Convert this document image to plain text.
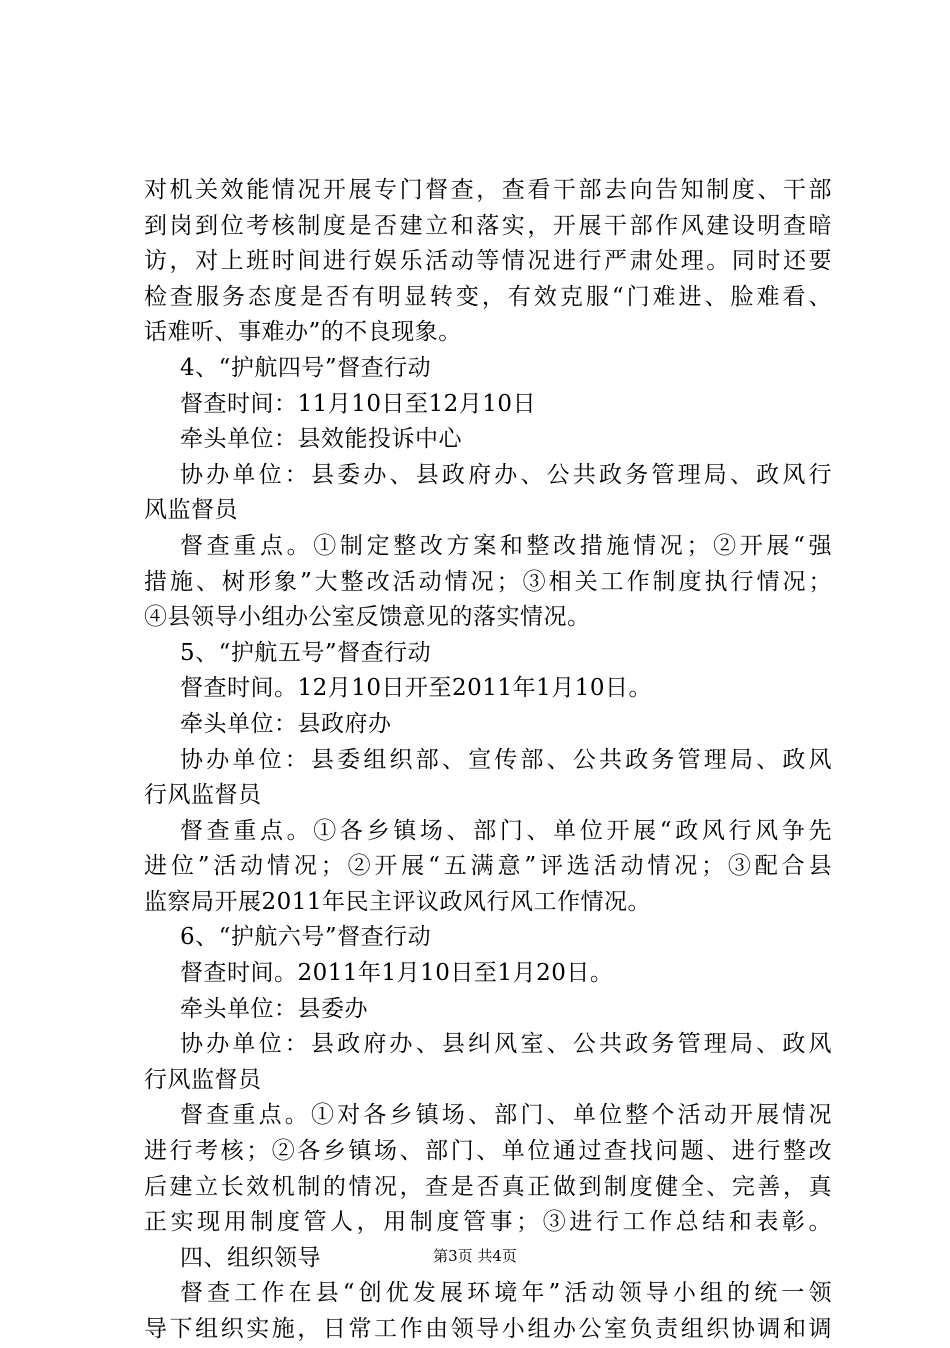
对机关效能情况开展专门督查，查看干部去向告知制度、干部
到岗到位考核制度是否建立和落实，开展干部作风建设明查暗
访，对上班时间进行娱乐活动等情况进行严肃处理。同时还要
检查服务态度是否有明显转变，有效克服“门难进、脸难看、
话难听、事难办”的不良现象。
4、“护航四号”督查行动
督查时间：11月10日至12月10日
牵头单位：县效能投诉中心
协办单位：县委办、县政府办、公共政务管理局、政风行
风监督员
督查重点。①制定整改方案和整改措施情况；②开展“强
措施、树形象”大整改活动情况；③相关工作制度执行情况；
④县领导小组办公室反馈意见的落实情况。
5、“护航五号”督查行动
督查时间。12月10日开至2011年1月10日。
牵头单位：县政府办
协办单位：县委组织部、宣传部、公共政务管理局、政风
行风监督员
督查重点。①各乡镇场、部门、单位开展“政风行风争先
进位”活动情况；②开展“五满意”评选活动情况；③配合县
监察局开展2011年民主评议政风行风工作情况。
6、“护航六号”督查行动
督查时间。2011年1月10日至1月20日。
牵头单位：县委办
协办单位：县政府办、县纠风室、公共政务管理局、政风
行风监督员
督查重点。①对各乡镇场、部门、单位整个活动开展情况
进行考核；②各乡镇场、部门、单位通过查找问题、进行整改
后建立长效机制的情况，查是否真正做到制度健全、完善，真
正实现用制度管人，用制度管事；③进行工作总结和表彰。
四、组织领导
督查工作在县“创优发展环境年”活动领导小组的统一领
导下组织实施，日常工作由领导小组办公室负责组织协调和调
第3页 共4页
